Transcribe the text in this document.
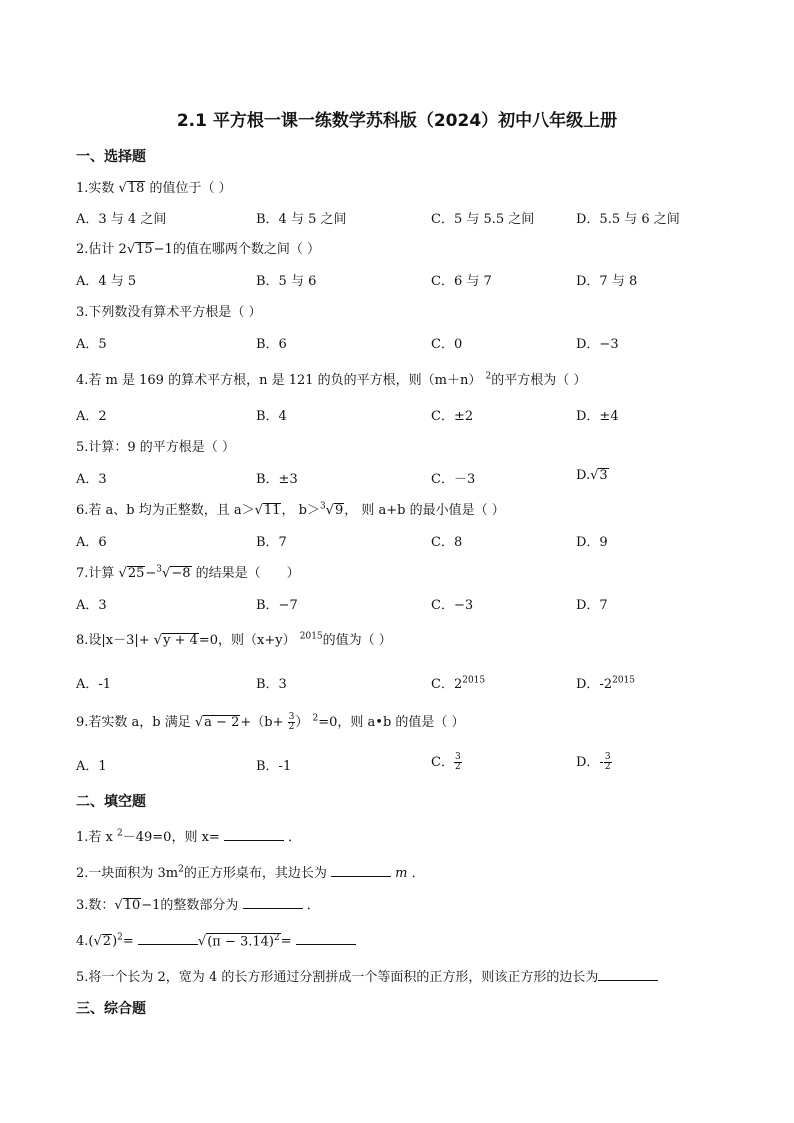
2.1 平方根一课一练数学苏科版（2024）初中八年级上册
一、选择题
1.实数 √18 的值位于（ ）
A．3 与 4 之间	B．4 与 5 之间	C．5 与 5.5 之间	D．5.5 与 6 之间
2.估计 2√15−1的值在哪两个数之间（ ）
A．4 与 5	B．5 与 6	C．6 与 7	D．7 与 8
3.下列数没有算术平方根是（ ）
A．5	B．6	C．0	D．−3
4.若 m 是 169 的算术平方根，n 是 121 的负的平方根，则（m＋n） $^2$的平方根为（ ）
A．2	B．4	C．±2	D．±4
5.计算：9 的平方根是（ ）
A．3	B．±3	C．－3	D.√3
6.若 a、b 均为正整数，且 a＞√11， b＞$^3$√9， 则 a+b 的最小值是（ ）
A．6	B．7	C．8	D．9
7.计算 √25−$^3$√−8 的结果是（　　）
A．3	B．−7	C．−3	D．7
8.设|x－3|+ √y + 4=0，则（x+y） $^{2015}$的值为（ ）
A．-1	B．3	C．$2^{2015}$	D．$-2^{2015}$
9.若实数 a，b 满足 $√a - 2+(b+ \frac{3}{2}$ ） $^2$=0，则 a•b 的值是（ ）
A．1	B．-1	C． $\frac{3}{2}$	D．- $\frac{3}{2}$
二、填空题
1.若 x $^2$－49=0，则 x=	．
2.一块面积为 $3m^2$的正方形桌布，其边长为	m ．
3.数：√10−1的整数部分为	．
$4.(√2)^2=$	$√(\pi - 3.14)^2=$
5.将一个长为 2，宽为 4 的长方形通过分割拼成一个等面积的正方形，则该正方形的边长为
三、综合题
